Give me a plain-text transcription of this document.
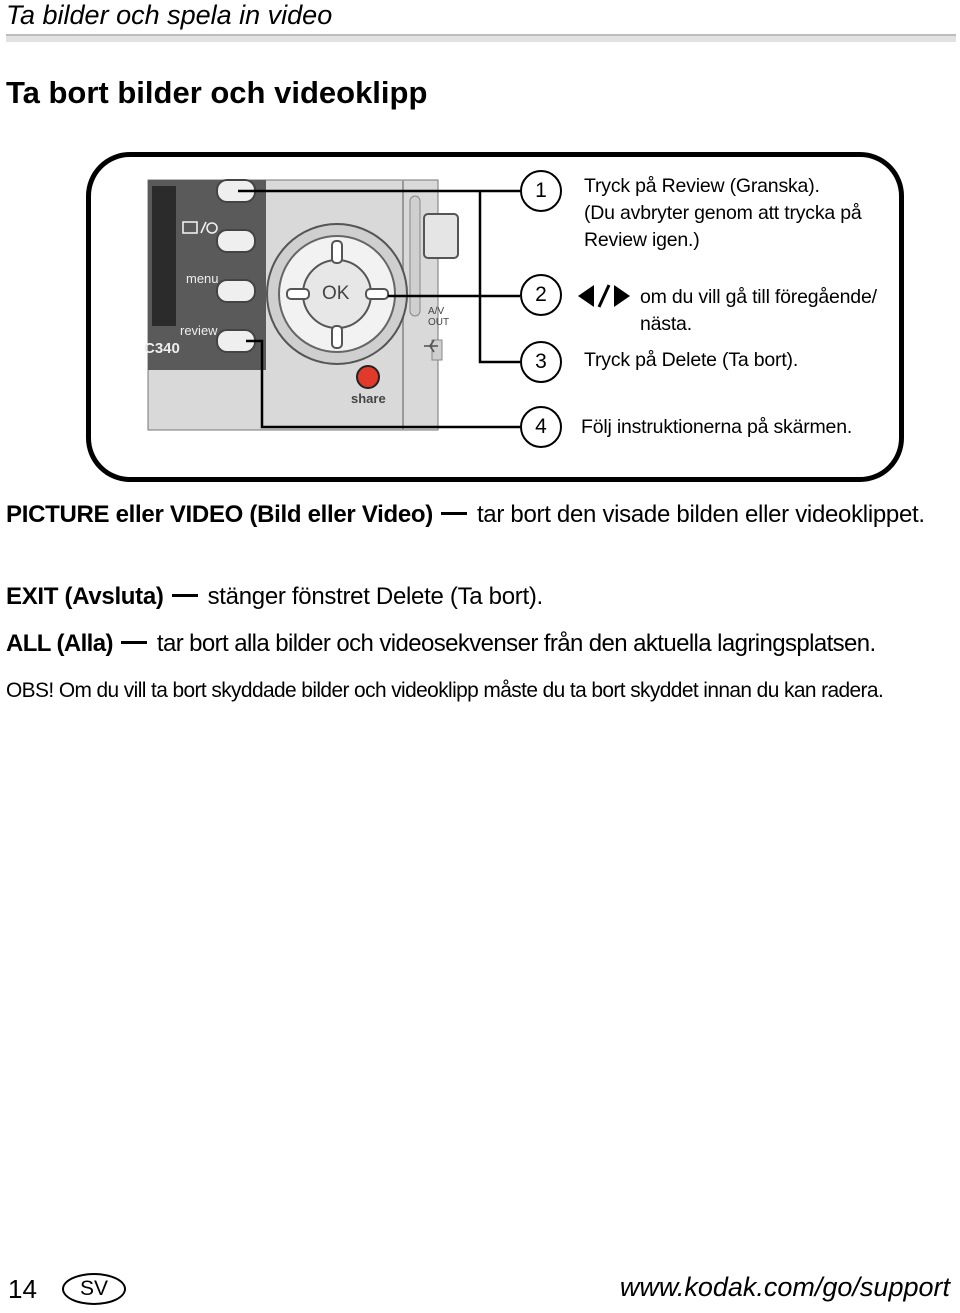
Ta bilder och spela in video
Ta bort bilder och videoklipp
menu
review
C340
OK
share
A/V
OUT
1
2
3
4
Tryck på Review (Granska).
(Du avbryter genom att trycka på
Review igen.)
om du vill gå till föregående/
nästa.
Tryck på Delete (Ta bort).
Följ instruktionerna på skärmen.
PICTURE eller VIDEO (Bild eller Video) tar bort den visade bilden eller videoklippet.
EXIT (Avsluta) stänger fönstret Delete (Ta bort).
ALL (Alla) tar bort alla bilder och videosekvenser från den aktuella lagringsplatsen.
OBS! Om du vill ta bort skyddade bilder och videoklipp måste du ta bort skyddet innan du kan radera.
14	SV	www.kodak.com/go/support
